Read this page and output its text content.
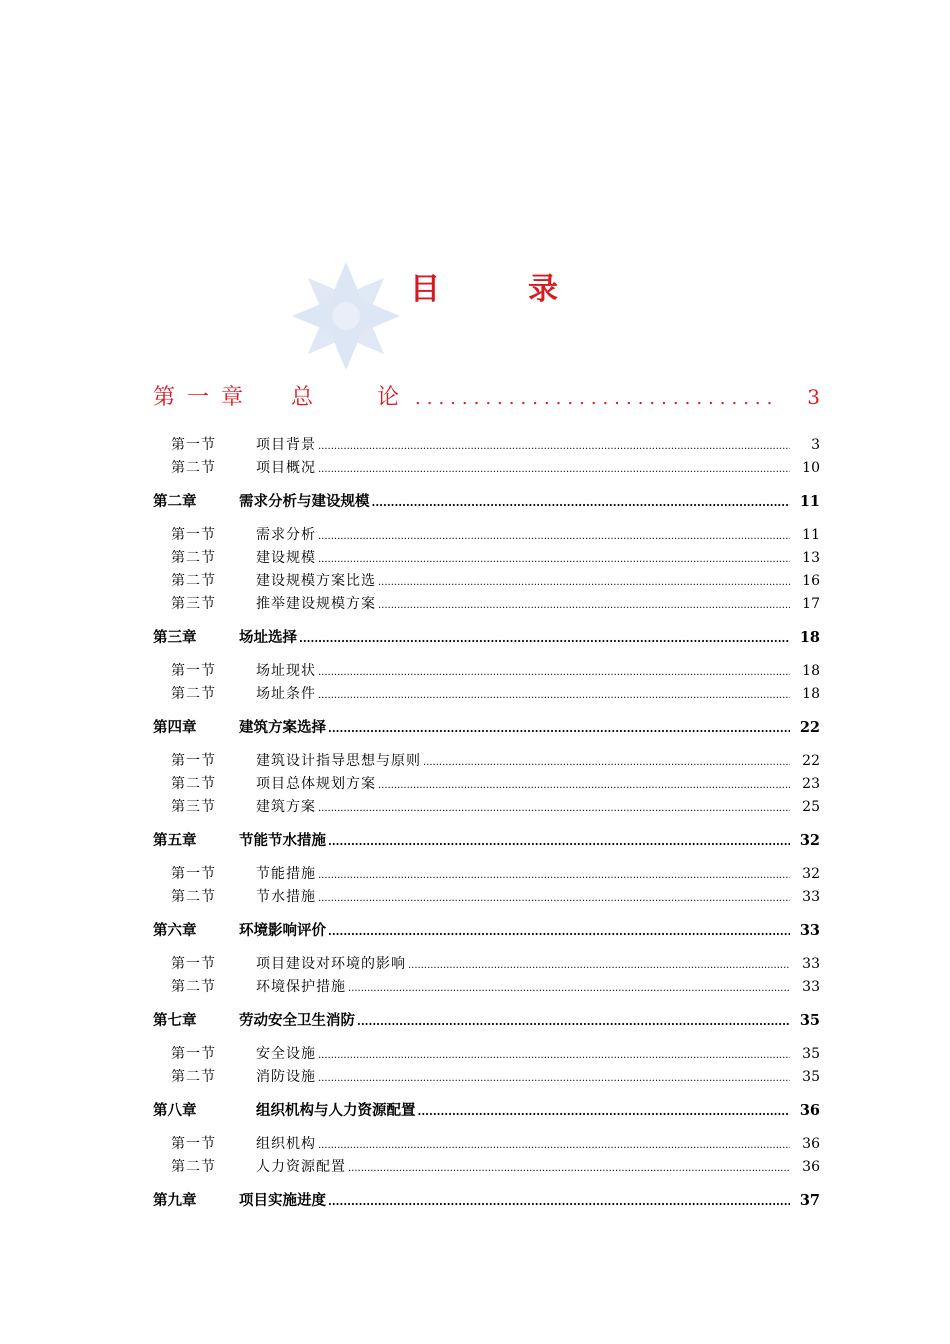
目	录
第一章	总论 .....	3
第一节	项目背景 .....	3
第二节	项目概况 .....	10
第二章	需求分析与建设规模 .....	11
第一节	需求分析 .....	11
第二节	建设规模 .....	13
第二节	建设规模方案比选 .....	16
第三节	推举建设规模方案 .....	17
第三章	场址选择 .....	18
第一节	场址现状 .....	18
第二节	场址条件 .....	18
第四章	建筑方案选择 .....	22
第一节	建筑设计指导思想与原则 .....	22
第二节	项目总体规划方案 .....	23
第三节	建筑方案 .....	25
第五章	节能节水措施 .....	32
第一节	节能措施 .....	32
第二节	节水措施 .....	33
第六章	环境影响评价 .....	33
第一节	项目建设对环境的影响 .....	33
第二节	环境保护措施 .....	33
第七章	劳动安全卫生消防 .....	35
第一节	安全设施 .....	35
第二节	消防设施 .....	35
第八章	组织机构与人力资源配置 .....	36
第一节	组织机构 .....	36
第二节	人力资源配置 .....	36
第九章	项目实施进度 .....	37
